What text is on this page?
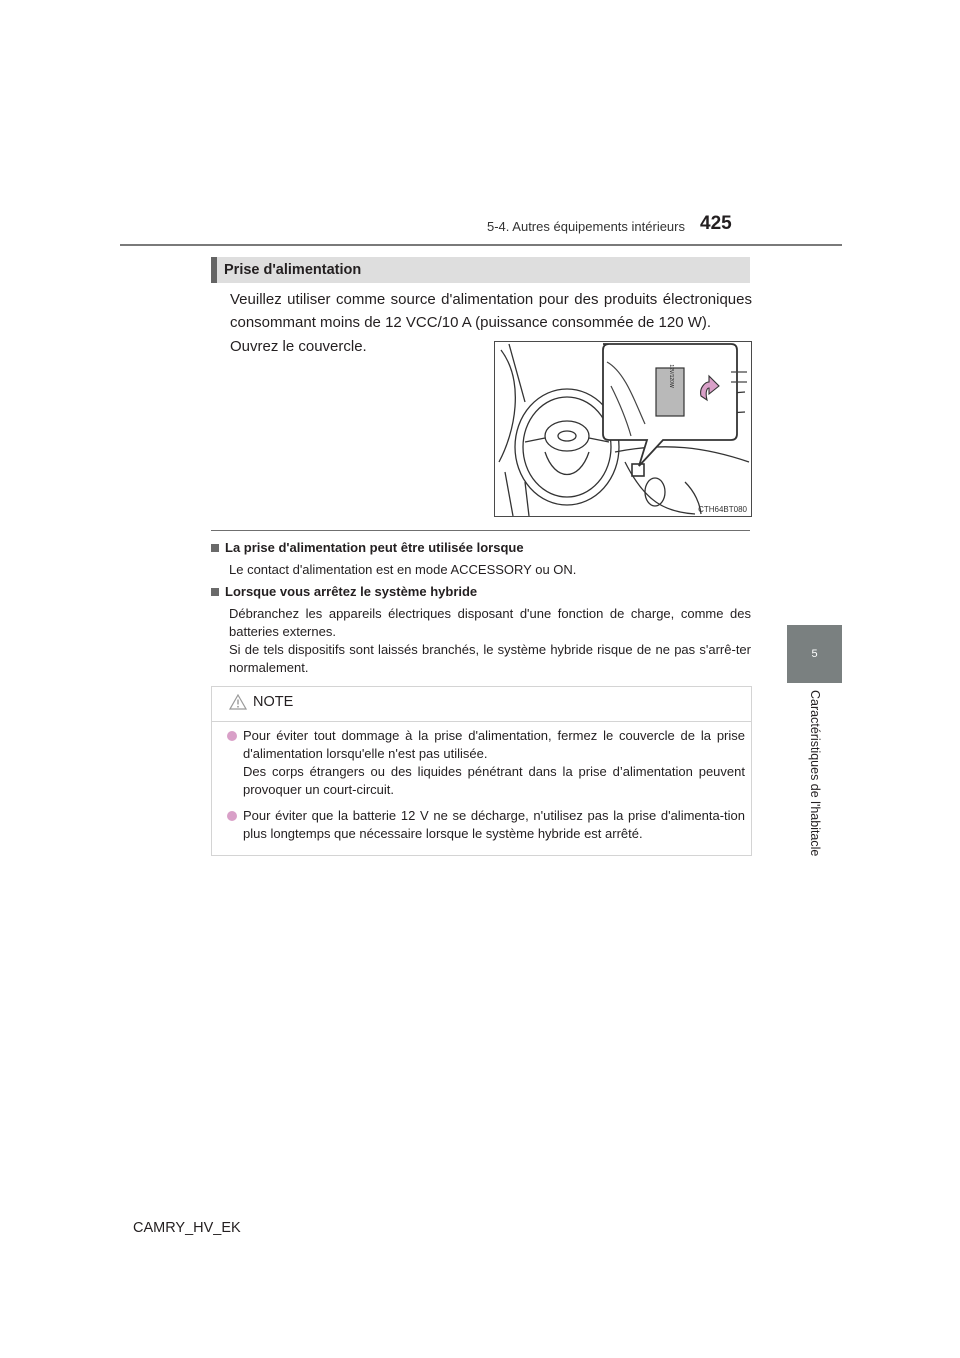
5-4. Autres équipements intérieurs 425
5
Caractéristiques de l'habitacle
Prise d'alimentation
Veuillez utiliser comme source d'alimentation pour des produits électroniques consommant moins de 12 VCC/10 A (puissance consommée de 120 W).
Ouvrez le couvercle.
12V/120W
CTH64BT080
La prise d'alimentation peut être utilisée lorsque
Le contact d'alimentation est en mode ACCESSORY ou ON.
Lorsque vous arrêtez le système hybride
Débranchez les appareils électriques disposant d'une fonction de charge, comme des batteries externes.
Si de tels dispositifs sont laissés branchés, le système hybride risque de ne pas s'arrê-ter normalement.
NOTE
Pour éviter tout dommage à la prise d'alimentation, fermez le couvercle de la prise d'alimentation lorsqu'elle n'est pas utilisée.
Des corps étrangers ou des liquides pénétrant dans la prise d’alimentation peuvent provoquer un court-circuit.
Pour éviter que la batterie 12 V ne se décharge, n'utilisez pas la prise d'alimenta-tion plus longtemps que nécessaire lorsque le système hybride est arrêté.
CAMRY_HV_EK
